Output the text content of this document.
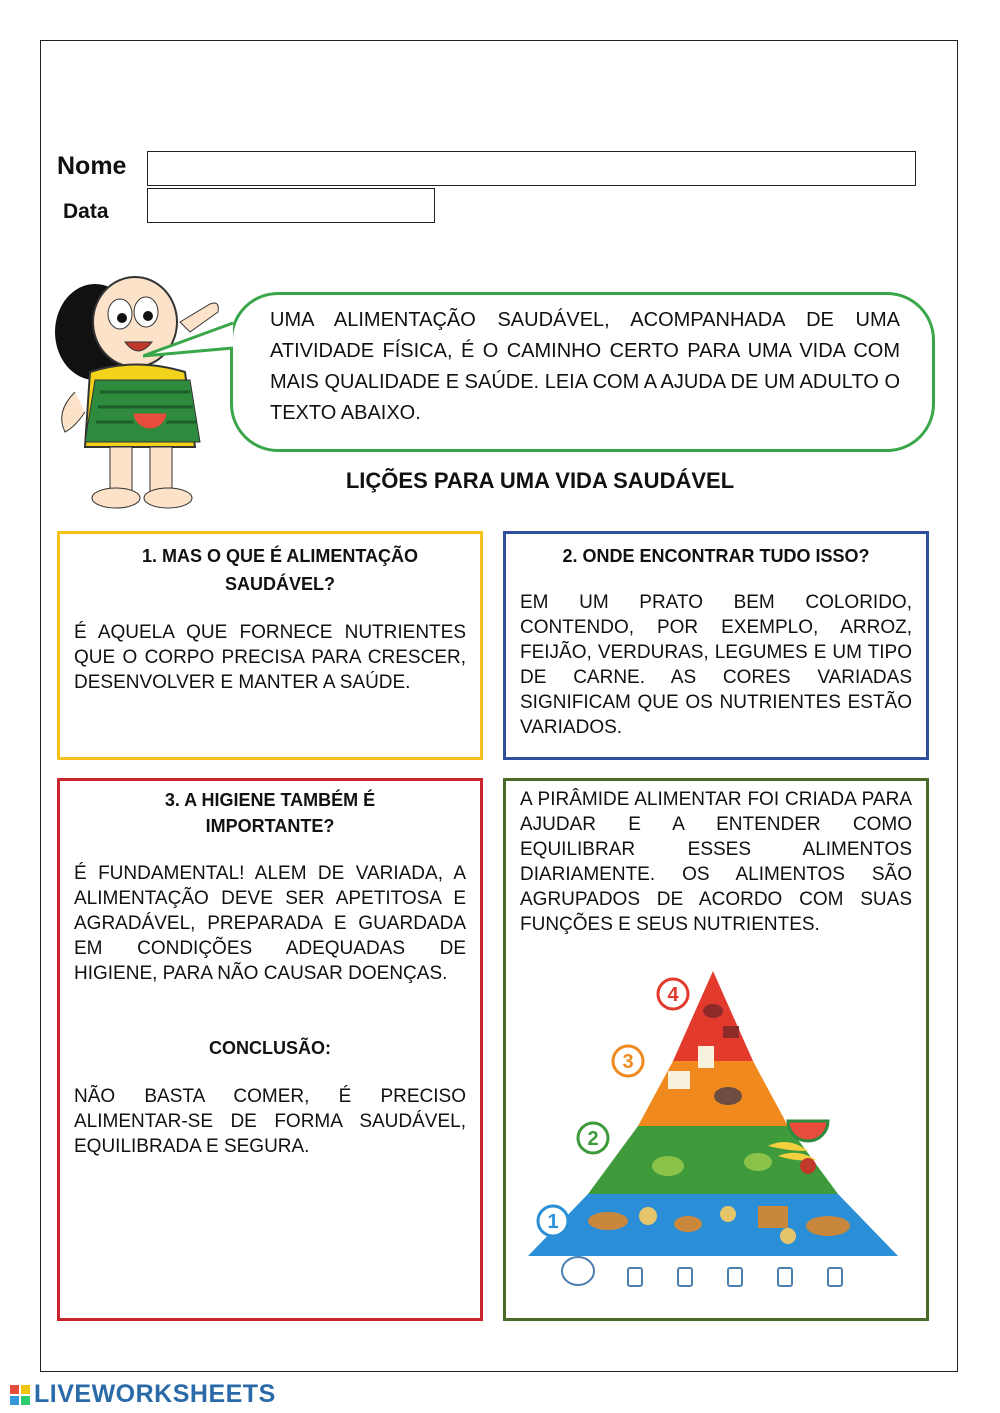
Nome
Data
UMA ALIMENTAÇÃO SAUDÁVEL, ACOMPANHADA DE UMA ATIVIDADE FÍSICA, É O CAMINHO CERTO PARA UMA VIDA COM MAIS QUALIDADE E SAÚDE. LEIA COM A AJUDA DE UM ADULTO O TEXTO ABAIXO.
LIÇÕES PARA UMA VIDA SAUDÁVEL
1. MAS O QUE É ALIMENTAÇÃO SAUDÁVEL?
É AQUELA QUE FORNECE NUTRIENTES QUE O CORPO PRECISA PARA CRESCER, DESENVOLVER E MANTER A SAÚDE.
2. ONDE ENCONTRAR TUDO ISSO?
EM UM PRATO BEM COLORIDO, CONTENDO, POR EXEMPLO, ARROZ, FEIJÃO, VERDURAS, LEGUMES E UM TIPO DE CARNE. AS CORES VARIADAS SIGNIFICAM QUE OS NUTRIENTES ESTÃO VARIADOS.
3. A HIGIENE TAMBÉM É IMPORTANTE?
É FUNDAMENTAL! ALEM DE VARIADA, A ALIMENTAÇÃO DEVE SER APETITOSA E AGRADÁVEL, PREPARADA E GUARDADA EM CONDIÇÕES ADEQUADAS DE HIGIENE, PARA NÃO CAUSAR DOENÇAS.
CONCLUSÃO:
NÃO BASTA COMER, É PRECISO ALIMENTAR-SE DE FORMA SAUDÁVEL, EQUILIBRADA E SEGURA.
A PIRÂMIDE ALIMENTAR FOI CRIADA PARA AJUDAR E A ENTENDER COMO EQUILIBRAR ESSES ALIMENTOS DIARIAMENTE. OS ALIMENTOS SÃO AGRUPADOS DE ACORDO COM SUAS FUNÇÕES E SEUS NUTRIENTES.
1
2
3
4
LIVEWORKSHEETS
